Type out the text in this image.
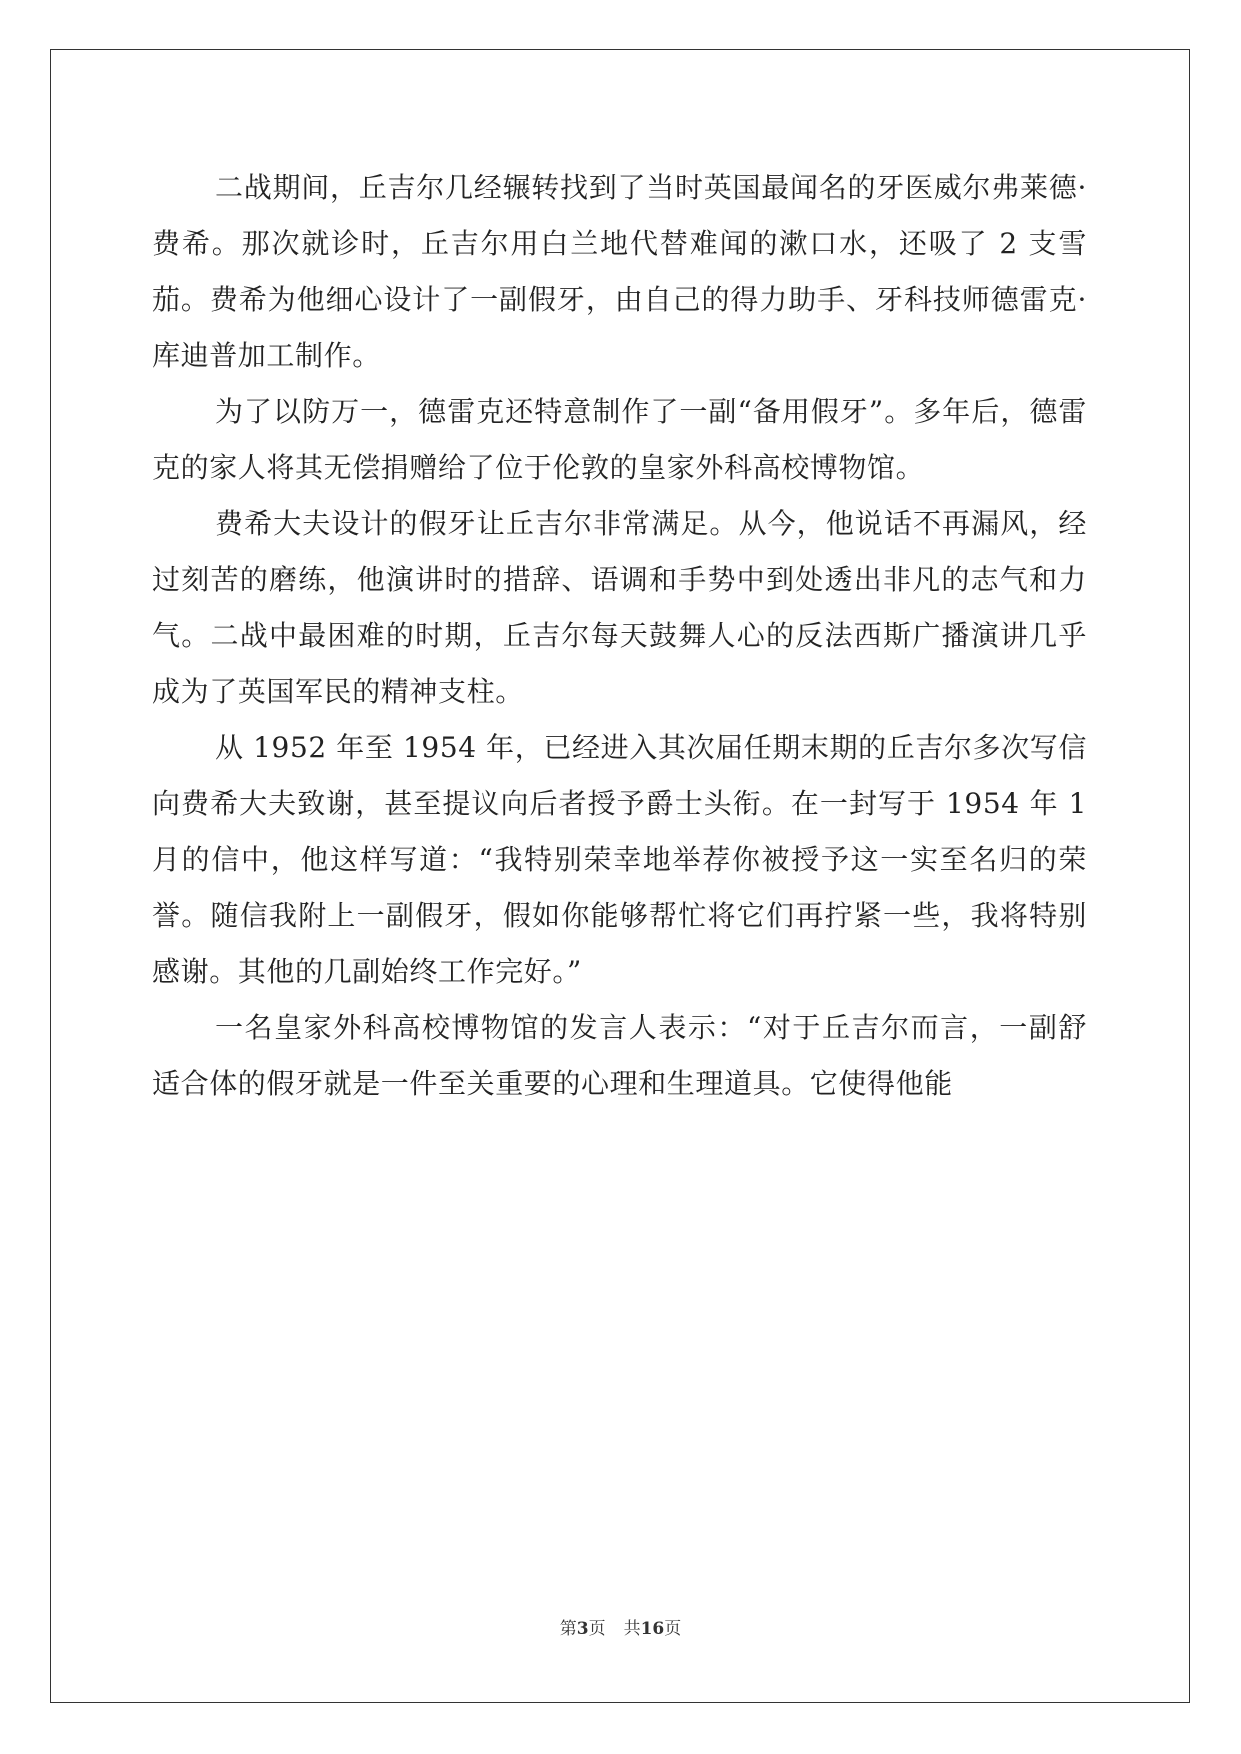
二战期间，丘吉尔几经辗转找到了当时英国最闻名的牙医威尔弗莱德·费希。那次就诊时，丘吉尔用白兰地代替难闻的漱口水，还吸了 2 支雪茄。费希为他细心设计了一副假牙，由自己的得力助手、牙科技师德雷克·库迪普加工制作。

为了以防万一，德雷克还特意制作了一副“备用假牙”。多年后，德雷克的家人将其无偿捐赠给了位于伦敦的皇家外科高校博物馆。

费希大夫设计的假牙让丘吉尔非常满足。从今，他说话不再漏风，经过刻苦的磨练，他演讲时的措辞、语调和手势中到处透出非凡的志气和力气。二战中最困难的时期，丘吉尔每天鼓舞人心的反法西斯广播演讲几乎成为了英国军民的精神支柱。

从 1952 年至 1954 年，已经进入其次届任期末期的丘吉尔多次写信向费希大夫致谢，甚至提议向后者授予爵士头衔。在一封写于 1954 年 1 月的信中，他这样写道：“我特别荣幸地举荐你被授予这一实至名归的荣誉。随信我附上一副假牙，假如你能够帮忙将它们再拧紧一些，我将特别感谢。其他的几副始终工作完好。”

一名皇家外科高校博物馆的发言人表示：“对于丘吉尔而言，一副舒适合体的假牙就是一件至关重要的心理和生理道具。它使得他能

第3页 共16页
